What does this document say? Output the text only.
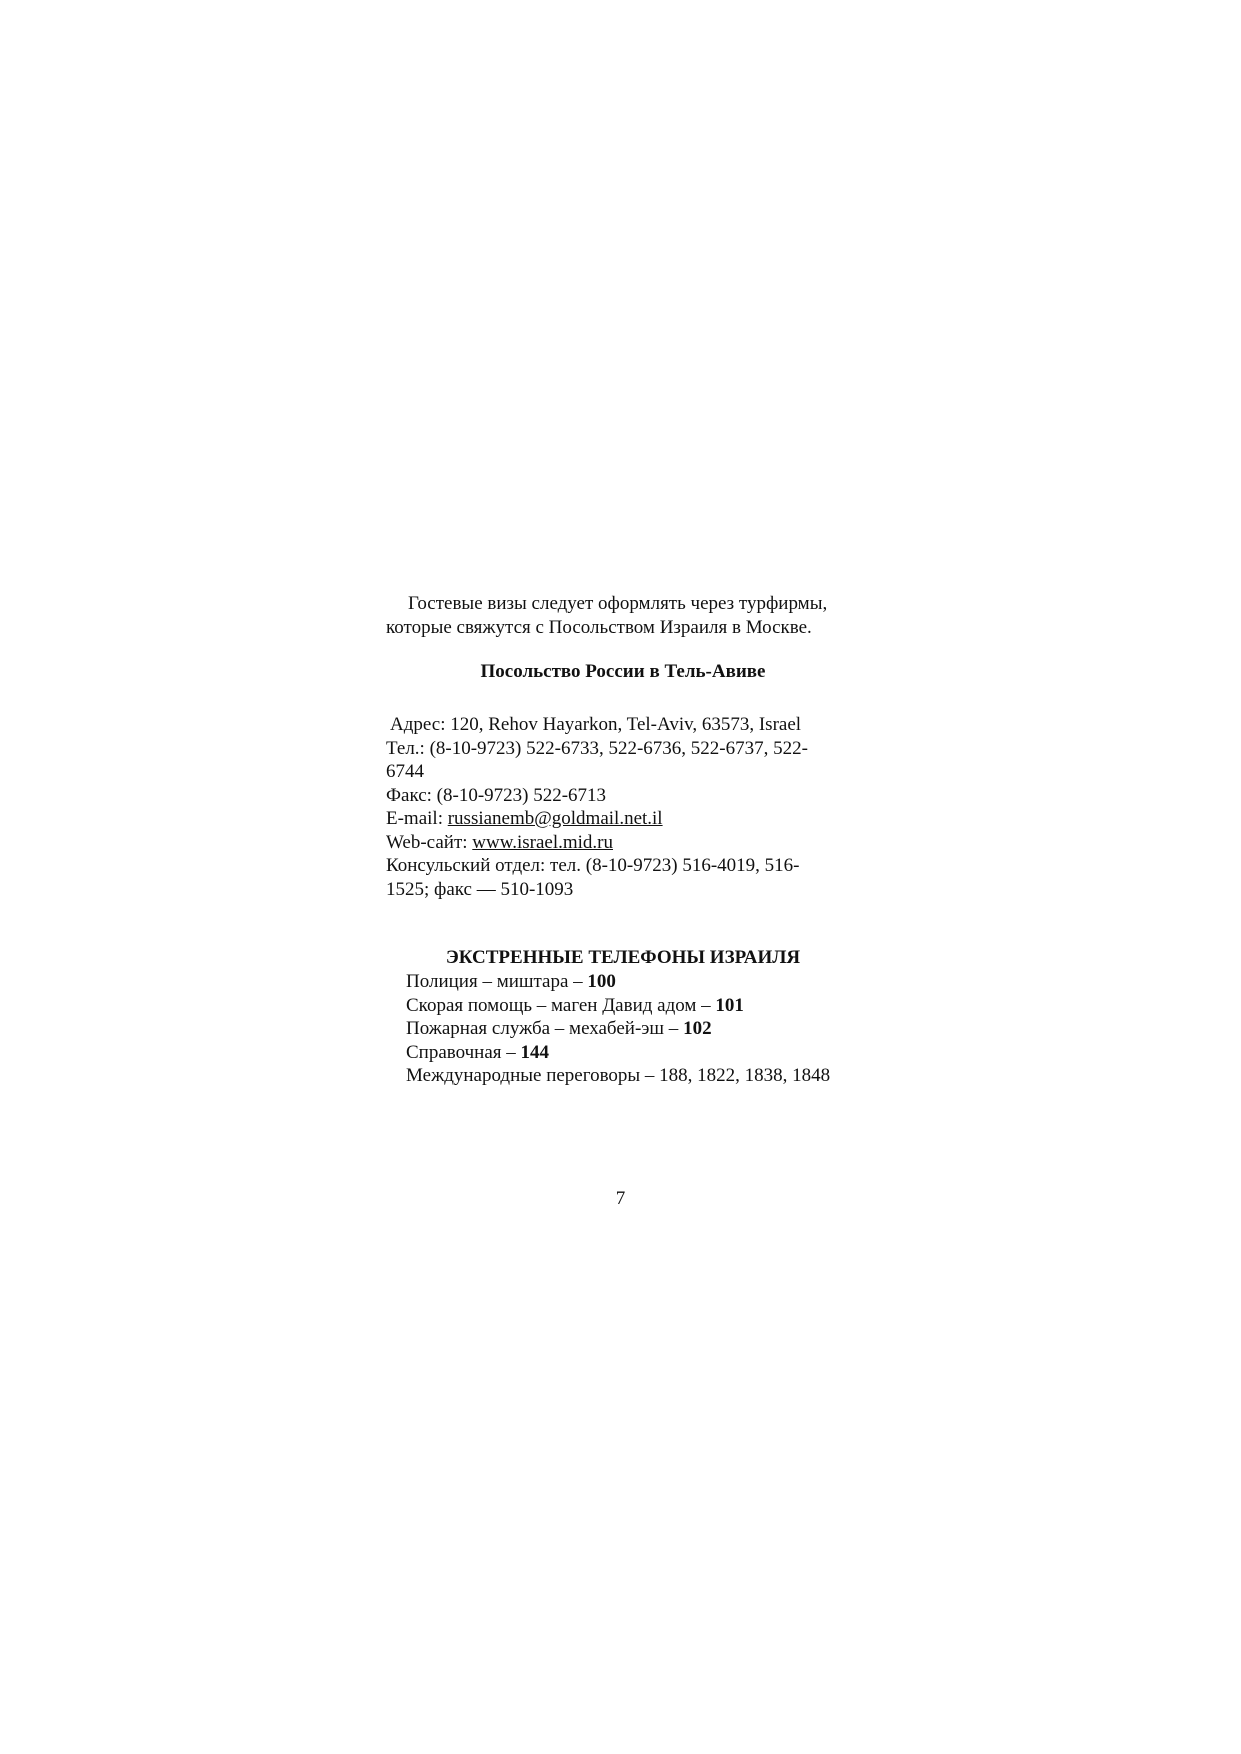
Гостевые визы следует оформлять через турфирмы,

которые свяжутся с Посольством Израиля в Москве.

Посольство России в Тель-Авиве

Адрес: 120, Rehov Hayarkon, Tel-Aviv, 63573, Israel

Тел.: (8-10-9723) 522-6733, 522-6736, 522-6737, 522-

6744

Факс: (8-10-9723) 522-6713

E-mail: russianemb@goldmail.net.il

Web-сайт: www.israel.mid.ru

Консульский отдел: тел. (8-10-9723) 516-4019, 516-

1525; факс — 510-1093

ЭКСТРЕННЫЕ ТЕЛЕФОНЫ ИЗРАИЛЯ

Полиция – миштара – 100

Скорая помощь – маген Давид адом – 101

Пожарная служба – мехабей-эш – 102

Справочная – 144

Международные переговоры – 188, 1822, 1838, 1848

7
